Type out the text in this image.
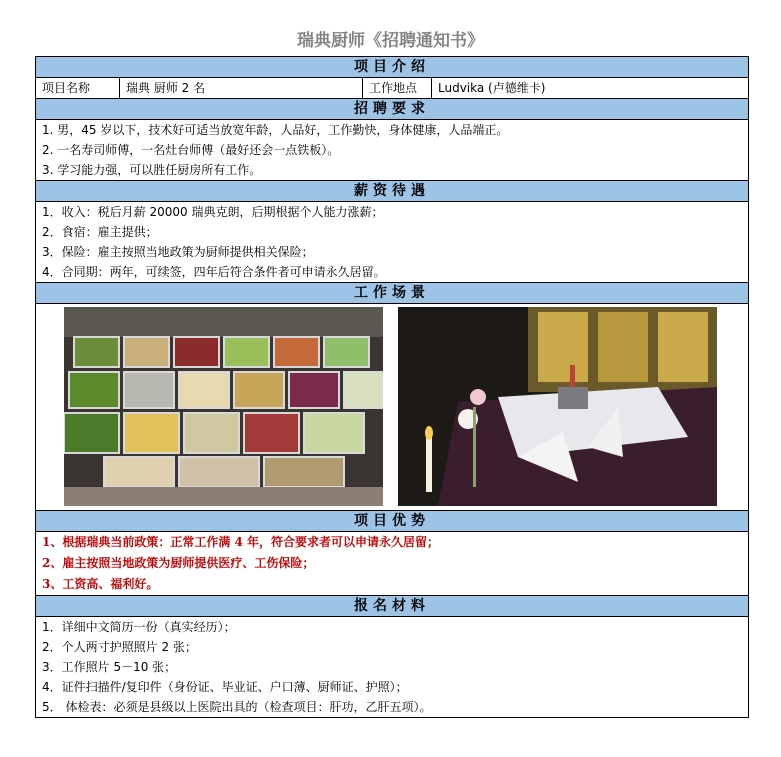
瑞典厨师《招聘通知书》
项目介绍
项目名称	瑞典 厨师 2 名	工作地点	Ludvika (卢德维卡)
招聘要求
1. 男，45 岁以下，技术好可适当放宽年龄，人品好，工作勤快，身体健康，人品端正。
2. 一名寿司师傅，一名灶台师傅（最好还会一点铁板）。
3. 学习能力强，可以胜任厨房所有工作。
薪资待遇
1．收入：税后月薪 20000 瑞典克朗，后期根据个人能力涨薪；
2．食宿：雇主提供；
3．保险：雇主按照当地政策为厨师提供相关保险；
4．合同期：两年，可续签，四年后符合条件者可申请永久居留。
工作场景
项目优势
1、根据瑞典当前政策：正常工作满 4 年，符合要求者可以申请永久居留；
2、雇主按照当地政策为厨师提供医疗、工伤保险；
3、工资高、福利好。
报名材料
1．详细中文简历一份（真实经历）；
2．个人两寸护照照片 2 张；
3．工作照片 5－10 张；
4．证件扫描件/复印件（身份证、毕业证、户口薄、厨师证、护照）；
5． 体检表：必须是县级以上医院出具的（检查项目：肝功，乙肝五项）。
